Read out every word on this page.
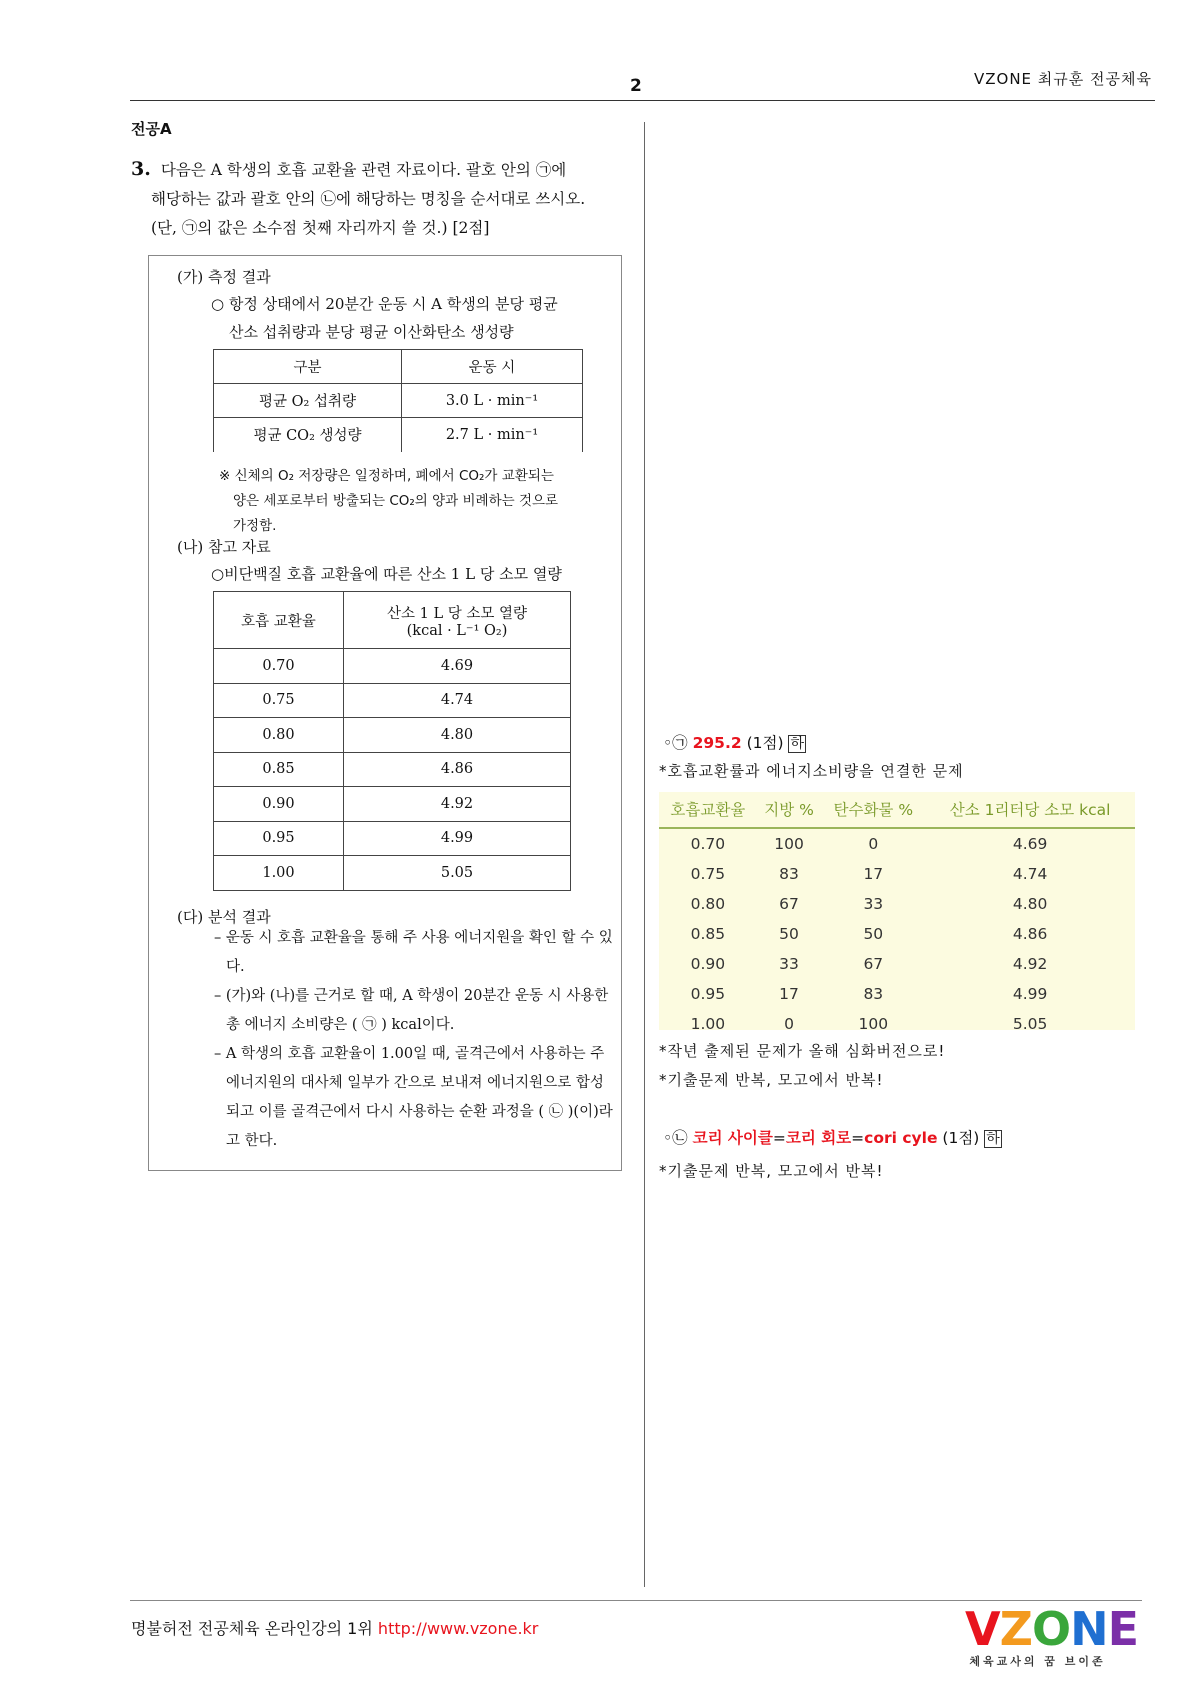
2	VZONE 최규훈 전공체육
전공A
3. 다음은 A 학생의 호흡 교환율 관련 자료이다. 괄호 안의 ㉠에
해당하는 값과 괄호 안의 ㉡에 해당하는 명칭을 순서대로 쓰시오.
(단, ㉠의 값은 소수점 첫째 자리까지 쓸 것.) [2점]
(가) 측정 결과
○ 항정 상태에서 20분간 운동 시 A 학생의 분당 평균
산소 섭취량과 분당 평균 이산화탄소 생성량
구분	운동 시
평균 O₂ 섭취량	3.0 L · min⁻¹
평균 CO₂ 생성량	2.7 L · min⁻¹
※ 신체의 O₂ 저장량은 일정하며, 폐에서 CO₂가 교환되는
양은 세포로부터 방출되는 CO₂의 양과 비례하는 것으로
가정함.
(나) 참고 자료
○비단백질 호흡 교환율에 따른 산소 1 L 당 소모 열량
호흡 교환율	산소 1 L 당 소모 열량
(kcal · L⁻¹ O₂)

0.70	4.69
0.75	4.74
0.80	4.80
0.85	4.86
0.90	4.92
0.95	4.99
1.00	5.05
(다) 분석 결과
– 운동 시 호흡 교환율을 통해 주 사용 에너지원을 확인 할 수 있다.
– (가)와 (나)를 근거로 할 때, A 학생이 20분간 운동 시 사용한 총 에너지 소비량은 ( ㉠ ) kcal이다.
– A 학생의 호흡 교환율이 1.00일 때, 골격근에서 사용하는 주 에너지원의 대사체 일부가 간으로 보내져 에너지원으로 합성되고 이를 골격근에서 다시 사용하는 순환 과정을 ( ㉡ )(이)라고 한다.
◦㉠ 295.2 (1점) 하
*호흡교환률과 에너지소비량을 연결한 문제
호흡교환율	지방 %	탄수화물 %	산소 1리터당 소모 kcal
0.70	100	0	4.69
0.75	83	17	4.74
0.80	67	33	4.80
0.85	50	50	4.86
0.90	33	67	4.92
0.95	17	83	4.99
1.00	0	100	5.05
*작년 출제된 문제가 올해 심화버전으로!
*기출문제 반복, 모고에서 반복!
◦㉡ 코리 사이클=코리 회로=cori cyle (1점) 하
*기출문제 반복, 모고에서 반복!
명불허전 전공체육 온라인강의 1위 http://www.vzone.kr	VZONE
체육교사의 꿈 브이존
